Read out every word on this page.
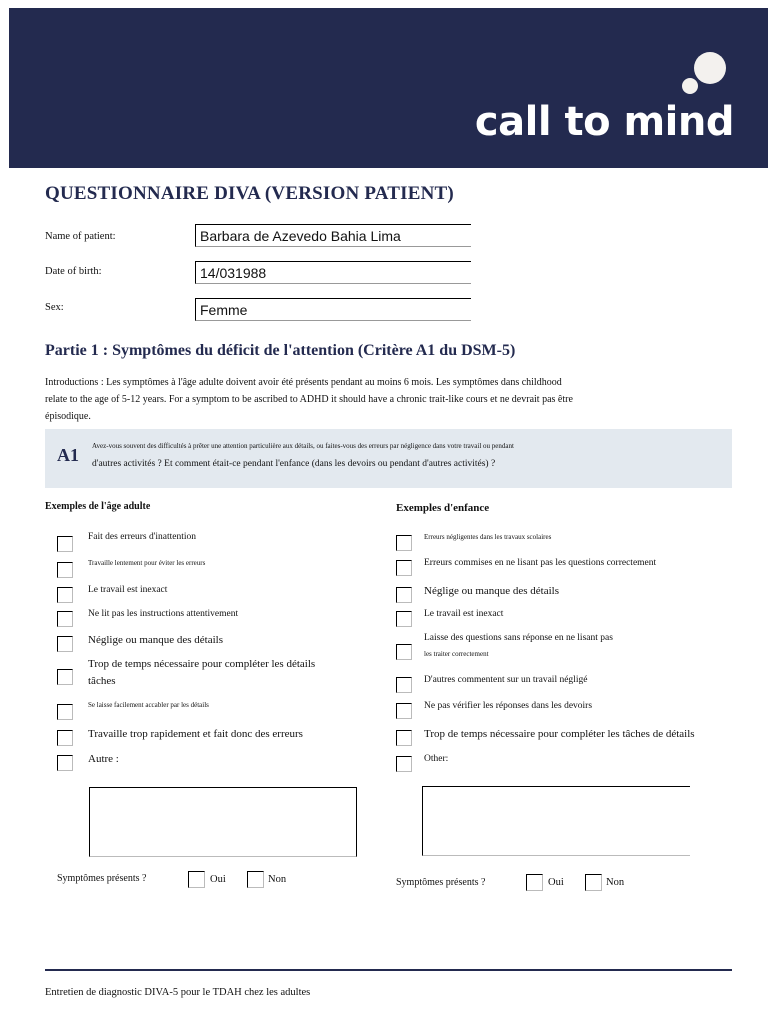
call to mind
QUESTIONNAIRE DIVA (VERSION PATIENT)
Name of patient:	Barbara de Azevedo Bahia Lima
Date of birth:	14/031988
Sex:	Femme
Partie 1 : Symptômes du déficit de l'attention (Critère A1 du DSM-5)
Introductions : Les symptômes à l'âge adulte doivent avoir été présents pendant au moins 6 mois. Les symptômes dans childhood relate to the age of 5-12 years. For a symptom to be ascribed to ADHD it should have a chronic trait-like cours et ne devrait pas être épisodique.
A1 Avez-vous souvent des difficultés à prêter une attention particulière aux détails, ou faites-vous des erreurs par négligence dans votre travail ou pendant
d'autres activités ? Et comment était-ce pendant l'enfance (dans les devoirs ou pendant d'autres activités) ?
Exemples de l'âge adulte
Fait des erreurs d'inattention
Travaille lentement pour éviter les erreurs
Le travail est inexact
Ne lit pas les instructions attentivement
Néglige ou manque des détails
Trop de temps nécessaire pour compléter les détails
tâches
Se laisse facilement accabler par les détails
Travaille trop rapidement et fait donc des erreurs
Autre :
Symptômes présents ?	Oui	Non
Exemples d'enfance
Erreurs négligentes dans les travaux scolaires
Erreurs commises en ne lisant pas les questions correctement
Néglige ou manque des détails
Le travail est inexact
Laisse des questions sans réponse en ne lisant pas
les traiter correctement
D'autres commentent sur un travail négligé
Ne pas vérifier les réponses dans les devoirs
Trop de temps nécessaire pour compléter les tâches de détails
Other:
Symptômes présents ?	Oui	Non
Entretien de diagnostic DIVA-5 pour le TDAH chez les adultes
